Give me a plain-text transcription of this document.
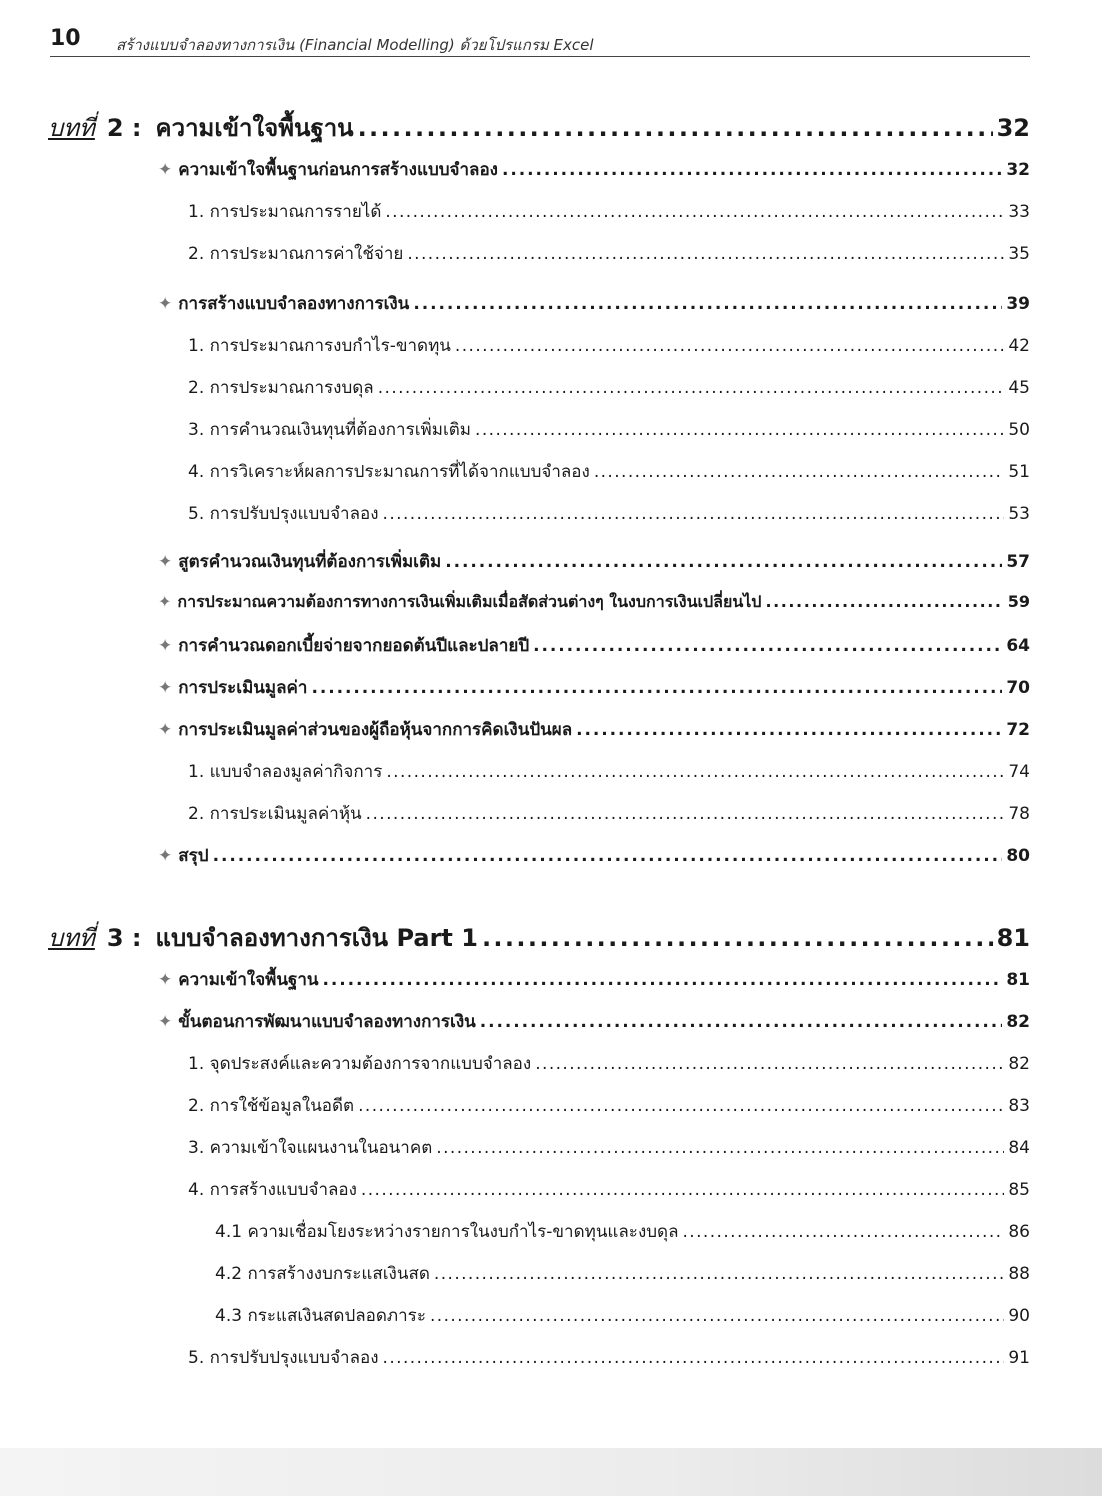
10 สร้างแบบจำลองทางการเงิน (Financial Modelling) ด้วยโปรแกรม Excel
บทที่ 2 : ความเข้าใจพื้นฐาน . . .	32
✦ ความเข้าใจพื้นฐานก่อนการสร้างแบบจำลอง . . .	32
1. การประมาณการรายได้ . . .	33
2. การประมาณการค่าใช้จ่าย . . .	35
✦ การสร้างแบบจำลองทางการเงิน . . .	39
1. การประมาณการงบกำไร-ขาดทุน . . .	42
2. การประมาณการงบดุล . . .	45
3. การคำนวณเงินทุนที่ต้องการเพิ่มเติม . . .	50
4. การวิเคราะห์ผลการประมาณการที่ได้จากแบบจำลอง . . .	51
5. การปรับปรุงแบบจำลอง . . .	53
✦ สูตรคำนวณเงินทุนที่ต้องการเพิ่มเติม . . .	57
✦ การประมาณความต้องการทางการเงินเพิ่มเติมเมื่อสัดส่วนต่างๆ ในงบการเงินเปลี่ยนไป . . .	59
✦ การคำนวณดอกเบี้ยจ่ายจากยอดต้นปีและปลายปี . . .	64
✦ การประเมินมูลค่า . . .	70
✦ การประเมินมูลค่าส่วนของผู้ถือหุ้นจากการคิดเงินปันผล . . .	72
1. แบบจำลองมูลค่ากิจการ . . .	74
2. การประเมินมูลค่าหุ้น . . .	78
✦ สรุป . . .	80
บทที่ 3 : แบบจำลองทางการเงิน Part 1 . . .	81
✦ ความเข้าใจพื้นฐาน . . .	81
✦ ขั้นตอนการพัฒนาแบบจำลองทางการเงิน . . .	82
1. จุดประสงค์และความต้องการจากแบบจำลอง . . .	82
2. การใช้ข้อมูลในอดีต . . .	83
3. ความเข้าใจแผนงานในอนาคต . . .	84
4. การสร้างแบบจำลอง . . .	85
4.1 ความเชื่อมโยงระหว่างรายการในงบกำไร-ขาดทุนและงบดุล . . .	86
4.2 การสร้างงบกระแสเงินสด . . .	88
4.3 กระแสเงินสดปลอดภาระ . . .	90
5. การปรับปรุงแบบจำลอง . . .	91
